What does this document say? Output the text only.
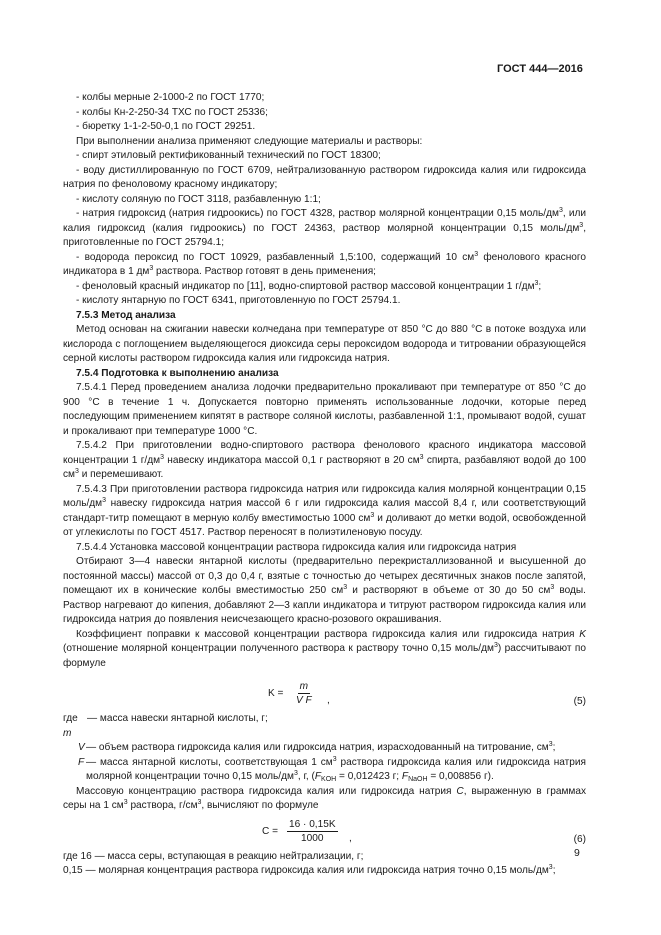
ГОСТ 444—2016

- колбы мерные 2-1000-2 по ГОСТ 1770;

- колбы Кн-2-250-34 ТХС по ГОСТ 25336;

- бюретку 1-1-2-50-0,1 по ГОСТ 29251.

При выполнении анализа применяют следующие материалы и растворы:

- спирт этиловый ректификованный технический по ГОСТ 18300;

- воду дистиллированную по ГОСТ 6709, нейтрализованную раствором гидроксида калия или гидроксида натрия по феноловому красному индикатору;

- кислоту соляную по ГОСТ 3118, разбавленную 1:1;

- натрия гидроксид (натрия гидроокись) по ГОСТ 4328, раствор молярной концентрации 0,15 моль/$дм^3$, или калия гидроксид (калия гидроокись) по ГОСТ 24363, раствор молярной концентрации 0,15 моль/$дм^3$, приготовленные по ГОСТ 25794.1;

- водорода пероксид по ГОСТ 10929, разбавленный 1,5:100, содержащий 10 $см^3$ фенолового красного индикатора в 1 $дм^3$ раствора. Раствор готовят в день применения;

- феноловый красный индикатор по [11], водно-спиртовой раствор массовой концентрации 1 $г/дм^3$;

- кислоту янтарную по ГОСТ 6341, приготовленную по ГОСТ 25794.1.

7.5.3 Метод анализа

Метод основан на сжигании навески колчедана при температуре от 850 °С до 880 °С в потоке воздуха или кислорода с поглощением выделяющегося диоксида серы пероксидом водорода и титровании образующейся серной кислоты раствором гидроксида калия или гидроксида натрия.

7.5.4 Подготовка к выполнению анализа

7.5.4.1 Перед проведением анализа лодочки предварительно прокаливают при температуре от 850 °С до 900 °С в течение 1 ч. Допускается повторно применять использованные лодочки, которые перед последующим применением кипятят в растворе соляной кислоты, разбавленной 1:1, промывают водой, сушат и прокаливают при температуре 1000 °С.

7.5.4.2 При приготовлении водно-спиртового раствора фенолового красного индикатора массовой концентрации 1 $г/дм^3$ навеску индикатора массой 0,1 г растворяют в 20 $см^3$ спирта, разбавляют водой до 100 $см^3$ и перемешивают.

7.5.4.3 При приготовлении раствора гидроксида натрия или гидроксида калия молярной концентрации 0,15 моль/$дм^3$ навеску гидроксида натрия массой 6 г или гидроксида калия массой 8,4 г, или соответствующий стандарт-титр помещают в мерную колбу вместимостью 1000 $см^3$ и доливают до метки водой, освобожденной от углекислоты по ГОСТ 4517. Раствор переносят в полиэтиленовую посуду.

7.5.4.4 Установка массовой концентрации раствора гидроксида калия или гидроксида натрия

Отбирают 3—4 навески янтарной кислоты (предварительно перекристаллизованной и высушенной до постоянной массы) массой от 0,3 до 0,4 г, взятые с точностью до четырех десятичных знаков после запятой, помещают их в конические колбы вместимостью 250 $см^3$ и растворяют в объеме от 30 до 50 $см^3$ воды. Раствор нагревают до кипения, добавляют 2—3 капли индикатора и титруют раствором гидроксида калия или гидроксида натрия до появления неисчезающего красно-розового окрашивания.

Коэффициент поправки к массовой концентрации раствора гидроксида калия или гидроксида натрия K (отношение молярной концентрации полученного раствора к раствору точно 0,15 моль/$дм^3$) рассчитывают по формуле

$K = \frac{m}{\text{V F}}$ ,	(5)
где m
— масса навески янтарной кислоты, г;
V — объем раствора гидроксида калия или гидроксида натрия, израсходованный на титрование, $см^3$;
F — масса янтарной кислоты, соответствующая 1 $см^3$ раствора гидроксида калия или гидроксида натрия молярной концентрации точно 0,15 моль/$дм^3$, г, ($F_{KOH} = 0,012423$ г; $F_{NaOH} = 0,008856$ г).

Массовую концентрацию раствора гидроксида калия или гидроксида натрия C, выраженную в граммах серы на 1 $см^3$ раствора, $г/см^3$, вычисляют по формуле

$C = \frac{16 \cdot 0,15K}{1000}$ ,	(6)

где 16 — масса серы, вступающая в реакцию нейтрализации, г;

0,15 — молярная концентрация раствора гидроксида калия или гидроксида натрия точно 0,15 моль/$дм^3$;

9
